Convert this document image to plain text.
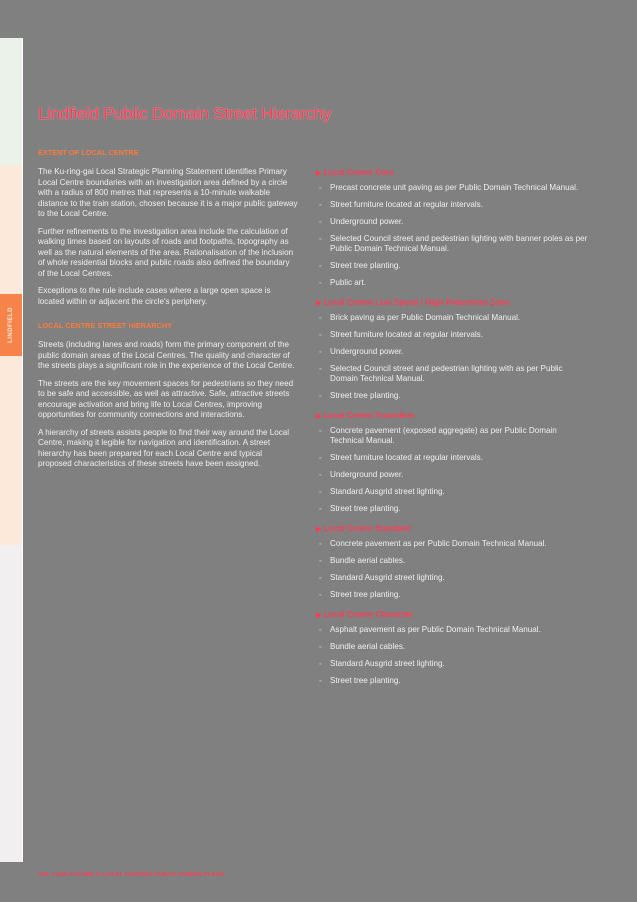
LINDFIELD
Lindfield Public Domain Street Hierarchy
EXTENT OF LOCAL CENTRE

The Ku-ring-gai Local Strategic Planning Statement identifies Primary Local Centre boundaries with an investigation area defined by a circle with a radius of 800 metres that represents a 10-minute walkable distance to the train station, chosen because it is a major public gateway to the Local Centre.

Further refinements to the investigation area include the calculation of walking times based on layouts of roads and footpaths, topography as well as the natural elements of the area. Rationalisation of the inclusion of whole residential blocks and public roads also defined the boundary of the Local Centres.

Exceptions to the rule include cases where a large open space is located within or adjacent the circle's periphery.

LOCAL CENTRE STREET HIERARCHY

Streets (including lanes and roads) form the primary component of the public domain areas of the Local Centres. The quality and character of the streets plays a significant role in the experience of the Local Centre.

The streets are the key movement spaces for pedestrians so they need to be safe and accessible, as well as attractive. Safe, attractive streets encourage activation and bring life to Local Centres, improving opportunities for community connections and interactions.

A hierarchy of streets assists people to find their way around the Local Centre, making it legible for navigation and identification. A street hierarchy has been prepared for each Local Centre and typical proposed characteristics of these streets have been assigned.

▶ Local Centre Core
◦ Precast concrete unit paving as per Public Domain Technical Manual.
◦ Street furniture located at regular intervals.
◦ Underground power.
◦ Selected Council street and pedestrian lighting with banner poles as per Public Domain Technical Manual.
◦ Street tree planting.
◦ Public art.
▶ Local Centre Low Speed / High Pedestrian Zone
◦ Brick paving as per Public Domain Technical Manual.
◦ Street furniture located at regular intervals.
◦ Underground power.
◦ Selected Council street and pedestrian lighting with as per Public Domain Technical Manual.
◦ Street tree planting.
▶ Local Centre Transition
◦ Concrete pavement (exposed aggregate) as per Public Domain Technical Manual.
◦ Street furniture located at regular intervals.
◦ Underground power.
◦ Standard Ausgrid street lighting.
◦ Street tree planting.
▶ Local Centre Standard
◦ Concrete pavement as per Public Domain Technical Manual.
◦ Bundle aerial cables.
◦ Standard Ausgrid street lighting.
◦ Street tree planting.
▶ Local Centre Character
◦ Asphalt pavement as per Public Domain Technical Manual.
◦ Bundle aerial cables.
◦ Standard Ausgrid street lighting.
◦ Street tree planting.
VOL.2 p88 VOLUME 2: LOCAL CENTRES PUBLIC DOMAIN PLANS
